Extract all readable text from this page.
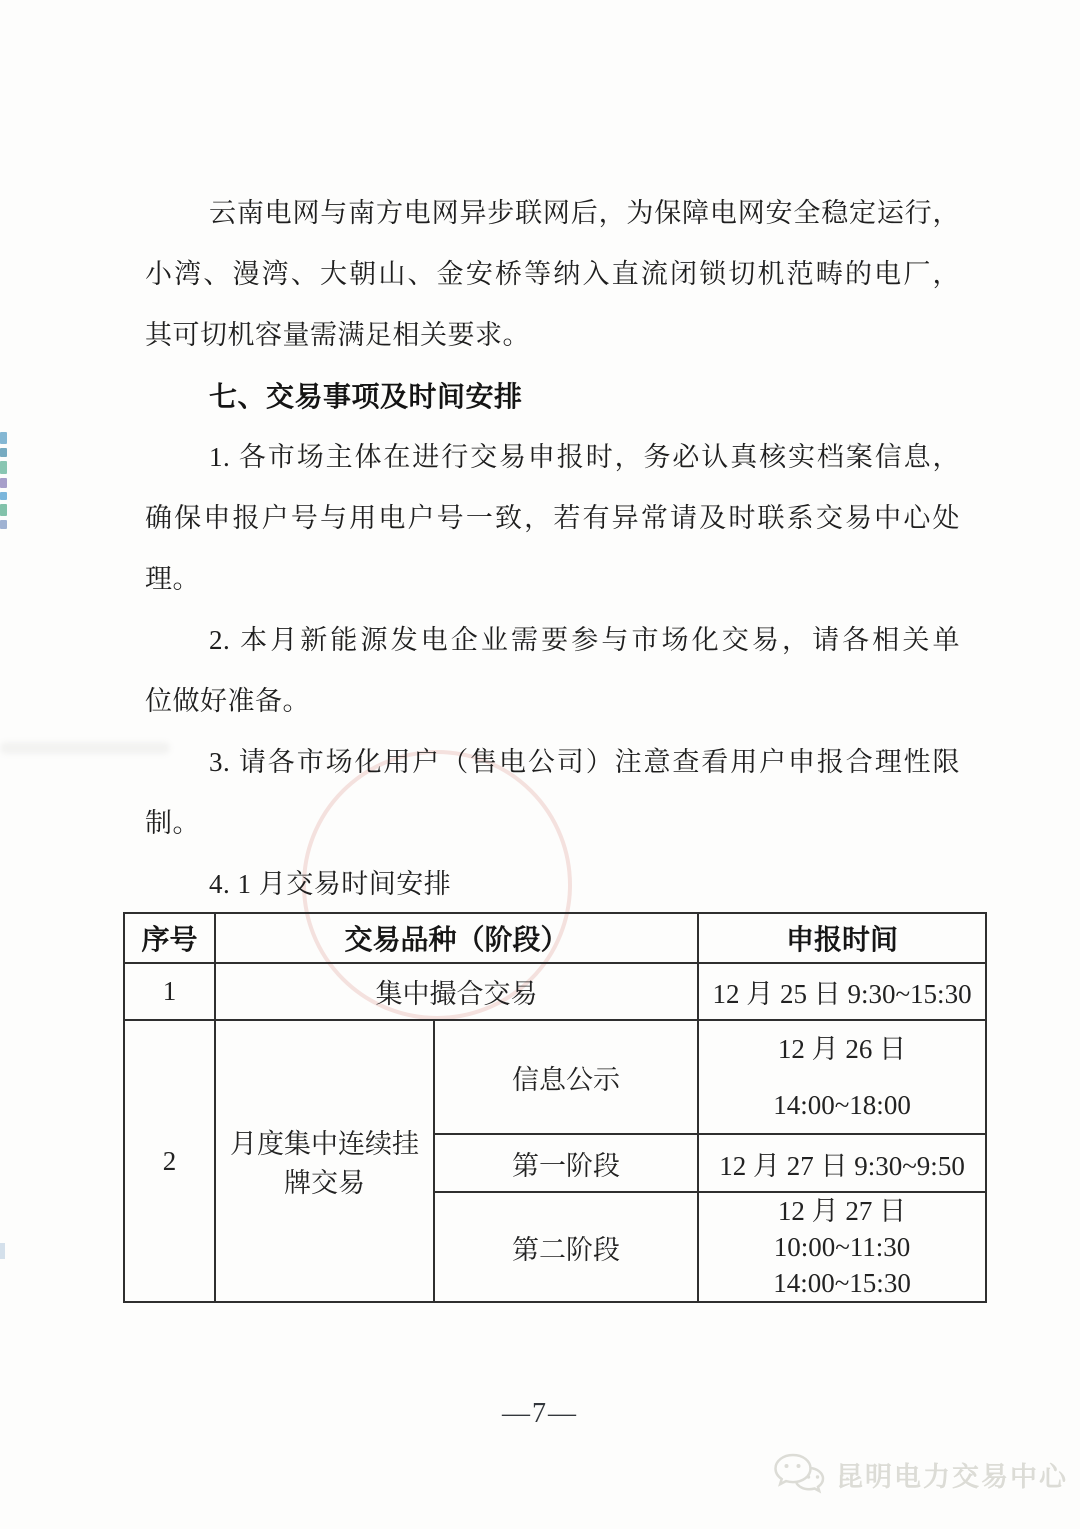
云南电网与南方电网异步联网后，为保障电网安全稳定运行，
小湾、漫湾、大朝山、金安桥等纳入直流闭锁切机范畴的电厂，
其可切机容量需满足相关要求。
七、交易事项及时间安排
1. 各市场主体在进行交易申报时，务必认真核实档案信息，
确保申报户号与用电户号一致，若有异常请及时联系交易中心处
理。
2. 本月新能源发电企业需要参与市场化交易，请各相关单
位做好准备。
3. 请各市场化用户（售电公司）注意查看用户申报合理性限
制。
4. 1 月交易时间安排
序号	交易品种（阶段）		申报时间
1	集中撮合交易		12 月 25 日 9:30~15:30
2	月度集中连续挂牌交易	信息公示	12 月 26 日
14:00~18:00

		第一阶段	12 月 27 日 9:30~9:50
		第二阶段	12 月 27 日
10:00~11:30
14:00~15:30
—7—
昆明电力交易中心
